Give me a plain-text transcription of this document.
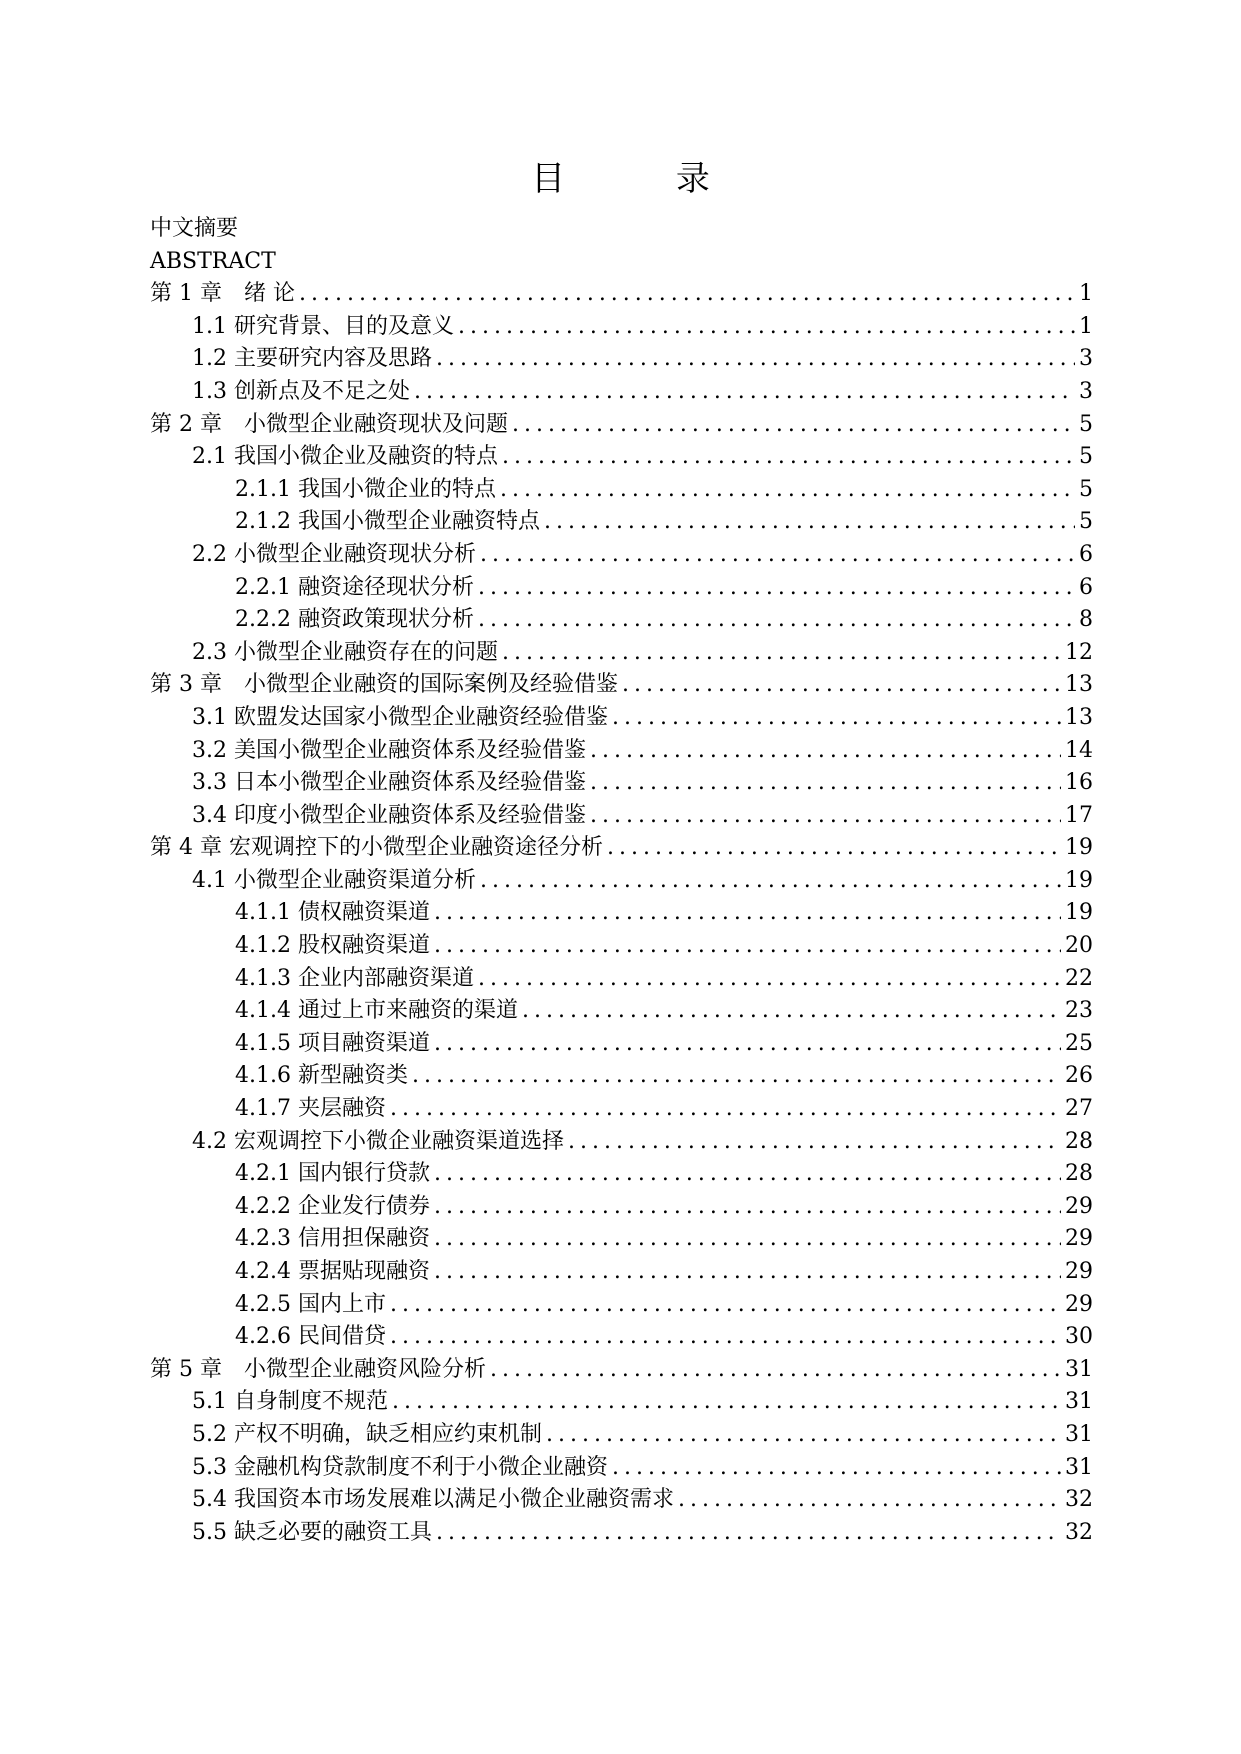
目 录
中文摘要
ABSTRACT
第 1 章　绪 论 .....	1
1.1 研究背景、目的及意义 .....	1
1.2 主要研究内容及思路 .....	3
1.3 创新点及不足之处 .....	3
第 2 章　小微型企业融资现状及问题 .....	5
2.1 我国小微企业及融资的特点 .....	5
2.1.1 我国小微企业的特点 .....	5
2.1.2 我国小微型企业融资特点 .....	5
2.2 小微型企业融资现状分析 .....	6
2.2.1 融资途径现状分析 .....	6
2.2.2 融资政策现状分析 .....	8
2.3 小微型企业融资存在的问题 .....	12
第 3 章　小微型企业融资的国际案例及经验借鉴 .....	13
3.1 欧盟发达国家小微型企业融资经验借鉴 .....	13
3.2 美国小微型企业融资体系及经验借鉴 .....	14
3.3 日本小微型企业融资体系及经验借鉴 .....	16
3.4 印度小微型企业融资体系及经验借鉴 .....	17
第 4 章 宏观调控下的小微型企业融资途径分析 .....	19
4.1 小微型企业融资渠道分析 .....	19
4.1.1 债权融资渠道 .....	19
4.1.2 股权融资渠道 .....	20
4.1.3 企业内部融资渠道 .....	22
4.1.4 通过上市来融资的渠道 .....	23
4.1.5 项目融资渠道 .....	25
4.1.6 新型融资类 .....	26
4.1.7 夹层融资 .....	27
4.2 宏观调控下小微企业融资渠道选择 .....	28
4.2.1 国内银行贷款 .....	28
4.2.2 企业发行债券 .....	29
4.2.3 信用担保融资 .....	29
4.2.4 票据贴现融资 .....	29
4.2.5 国内上市 .....	29
4.2.6 民间借贷 .....	30
第 5 章　小微型企业融资风险分析 .....	31
5.1 自身制度不规范 .....	31
5.2 产权不明确，缺乏相应约束机制 .....	31
5.3 金融机构贷款制度不利于小微企业融资 .....	31
5.4 我国资本市场发展难以满足小微企业融资需求 .....	32
5.5 缺乏必要的融资工具 .....	32
